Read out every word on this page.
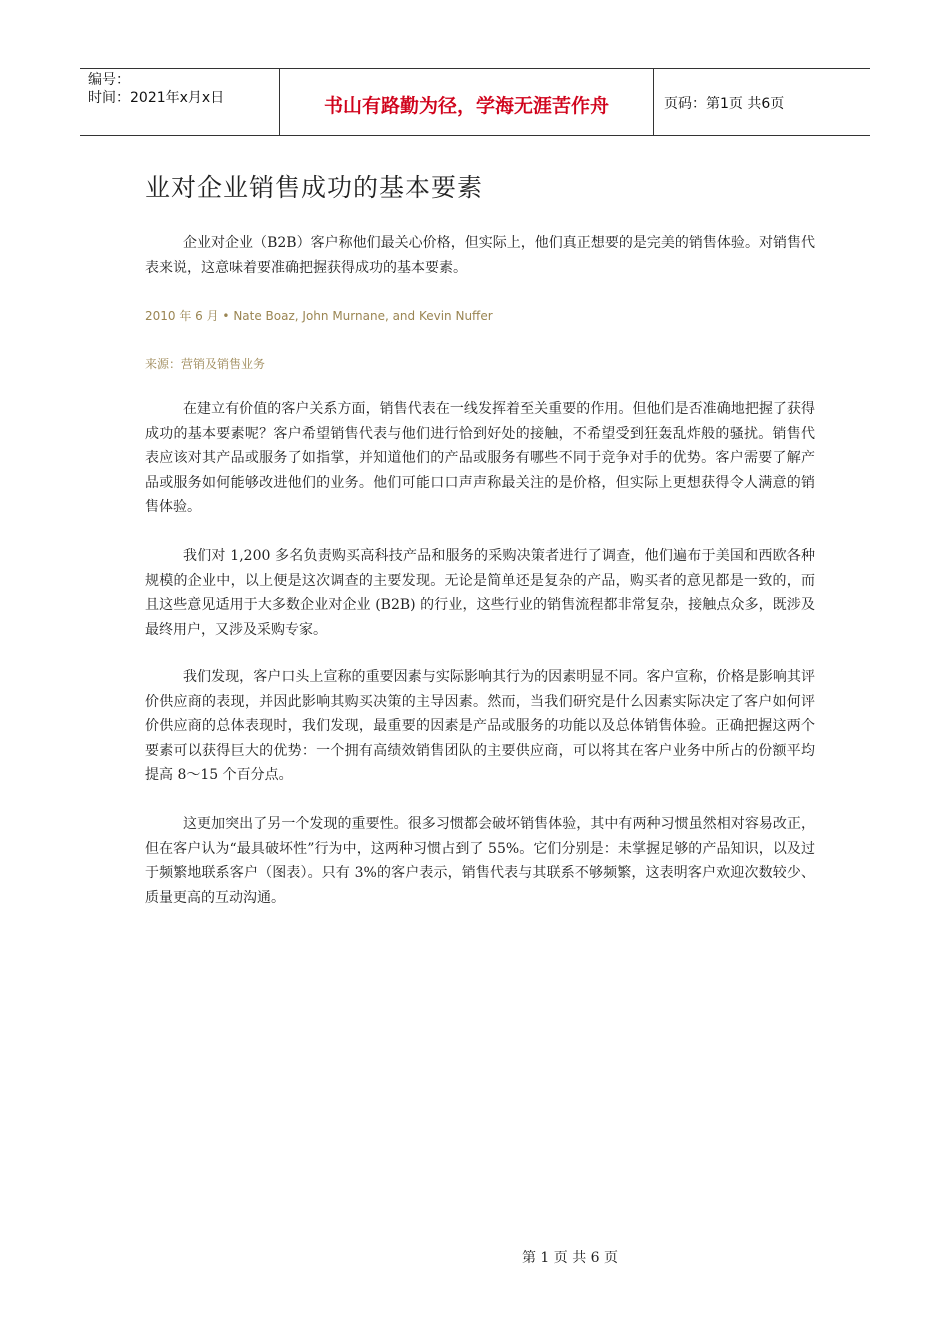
编号：
时间：2021年x月x日	书山有路勤为径，学海无涯苦作舟	页码：第1页 共6页
业对企业销售成功的基本要素

企业对企业（B2B）客户称他们最关心价格，但实际上，他们真正想要的是完美的销售体验。对销售代表来说，这意味着要准确把握获得成功的基本要素。

2010 年 6 月 • Nate Boaz, John Murnane, and Kevin Nuffer
来源：营销及销售业务

在建立有价值的客户关系方面，销售代表在一线发挥着至关重要的作用。但他们是否准确地把握了获得成功的基本要素呢？客户希望销售代表与他们进行恰到好处的接触，不希望受到狂轰乱炸般的骚扰。销售代表应该对其产品或服务了如指掌，并知道他们的产品或服务有哪些不同于竞争对手的优势。客户需要了解产品或服务如何能够改进他们的业务。他们可能口口声声称最关注的是价格，但实际上更想获得令人满意的销售体验。

我们对 1,200 多名负责购买高科技产品和服务的采购决策者进行了调查，他们遍布于美国和西欧各种规模的企业中，以上便是这次调查的主要发现。无论是简单还是复杂的产品，购买者的意见都是一致的，而且这些意见适用于大多数企业对企业 (B2B) 的行业，这些行业的销售流程都非常复杂，接触点众多，既涉及最终用户，又涉及采购专家。

我们发现，客户口头上宣称的重要因素与实际影响其行为的因素明显不同。客户宣称，价格是影响其评价供应商的表现，并因此影响其购买决策的主导因素。然而，当我们研究是什么因素实际决定了客户如何评价供应商的总体表现时，我们发现，最重要的因素是产品或服务的功能以及总体销售体验。正确把握这两个要素可以获得巨大的优势：一个拥有高绩效销售团队的主要供应商，可以将其在客户业务中所占的份额平均提高 8～15 个百分点。

这更加突出了另一个发现的重要性。很多习惯都会破坏销售体验，其中有两种习惯虽然相对容易改正，但在客户认为“最具破坏性”行为中，这两种习惯占到了 55%。它们分别是：未掌握足够的产品知识，以及过于频繁地联系客户（图表）。只有 3%的客户表示，销售代表与其联系不够频繁，这表明客户欢迎次数较少、质量更高的互动沟通。

第 1 页 共 6 页
